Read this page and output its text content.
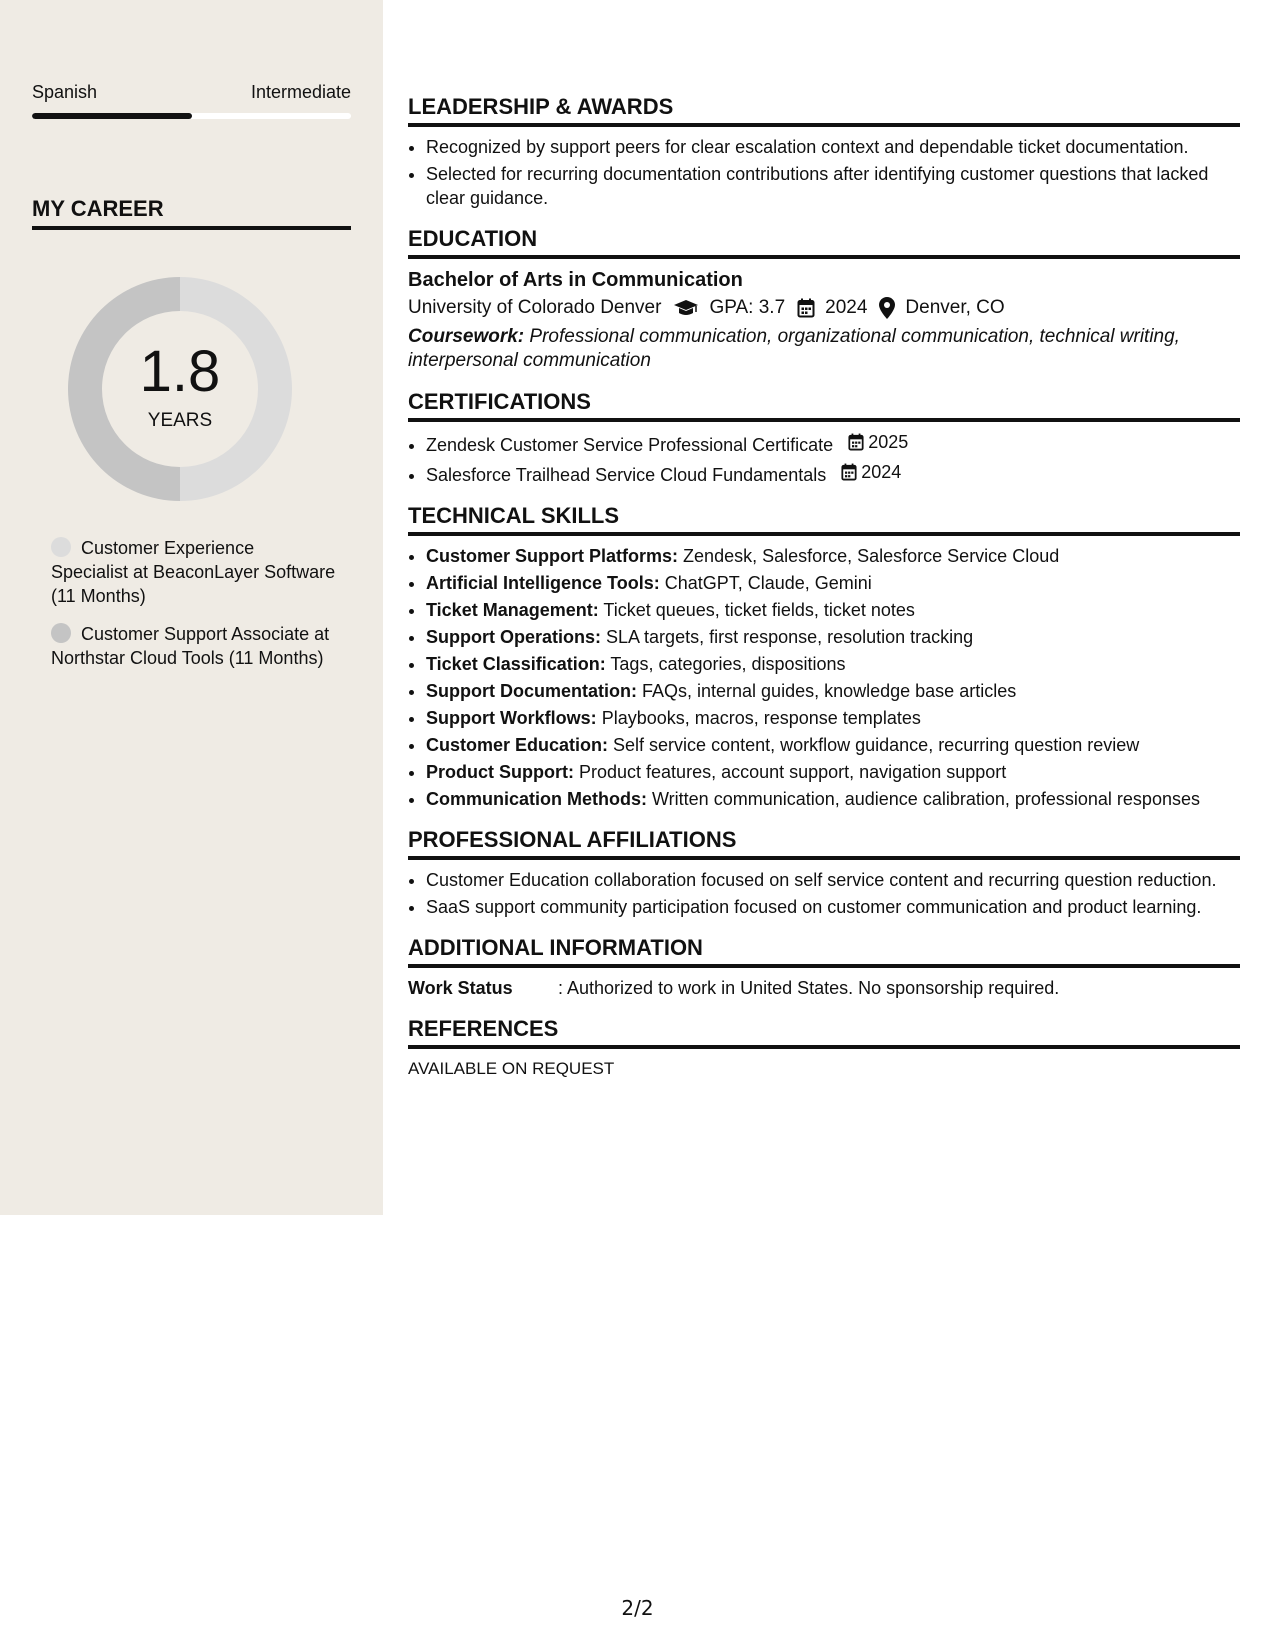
Spanish	Intermediate
MY CAREER
1.8
YEARS
Customer Experience Specialist at BeaconLayer Software (11 Months)
Customer Support Associate at Northstar Cloud Tools (11 Months)
LEADERSHIP & AWARDS
• Recognized by support peers for clear escalation context and dependable ticket documentation.
• Selected for recurring documentation contributions after identifying customer questions that lacked clear guidance.
EDUCATION
Bachelor of Arts in Communication
University of Colorado Denver	GPA: 3.7 2024 Denver, CO
Coursework: Professional communication, organizational communication, technical writing, interpersonal communication
CERTIFICATIONS
• Zendesk Customer Service Professional Certificate 2025
• Salesforce Trailhead Service Cloud Fundamentals 2024
TECHNICAL SKILLS
• Customer Support Platforms: Zendesk, Salesforce, Salesforce Service Cloud
• Artificial Intelligence Tools: ChatGPT, Claude, Gemini
• Ticket Management: Ticket queues, ticket fields, ticket notes
• Support Operations: SLA targets, first response, resolution tracking
• Ticket Classification: Tags, categories, dispositions
• Support Documentation: FAQs, internal guides, knowledge base articles
• Support Workflows: Playbooks, macros, response templates
• Customer Education: Self service content, workflow guidance, recurring question review
• Product Support: Product features, account support, navigation support
• Communication Methods: Written communication, audience calibration, professional responses
PROFESSIONAL AFFILIATIONS
• Customer Education collaboration focused on self service content and recurring question reduction.
• SaaS support community participation focused on customer communication and product learning.
ADDITIONAL INFORMATION
Work Status	: Authorized to work in United States. No sponsorship required.
REFERENCES
AVAILABLE ON REQUEST
2/2
